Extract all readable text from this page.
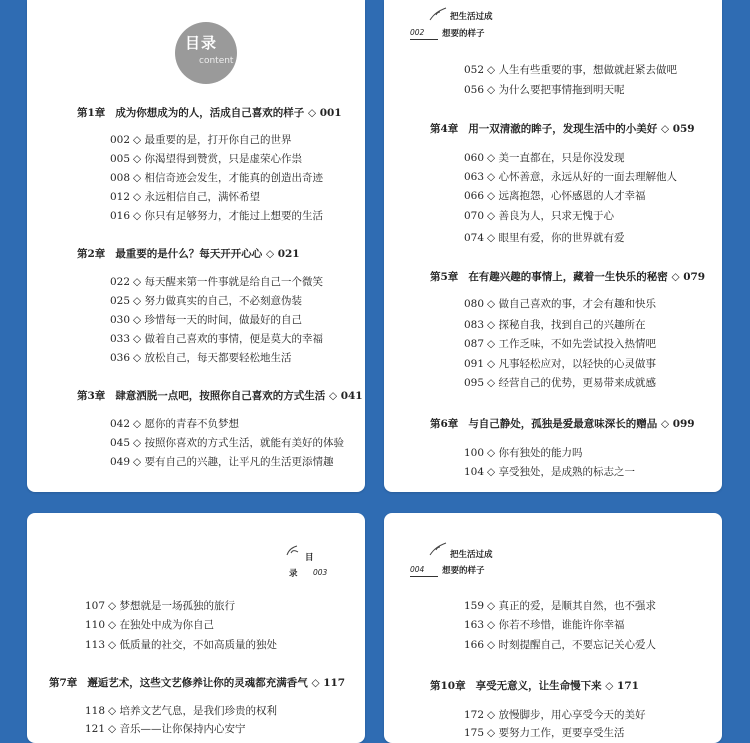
目录
content
第1章 成为你想成为的人，活成自己喜欢的样子 ◇ 001
002 ◇ 最重要的是，打开你自己的世界
005 ◇ 你渴望得到赞赏，只是虚荣心作祟
008 ◇ 相信奇迹会发生，才能真的创造出奇迹
012 ◇ 永远相信自己，满怀希望
016 ◇ 你只有足够努力，才能过上想要的生活
第2章 最重要的是什么？每天开开心心 ◇ 021
022 ◇ 每天醒来第一件事就是给自己一个微笑
025 ◇ 努力做真实的自己，不必刻意伪装
030 ◇ 珍惜每一天的时间，做最好的自己
033 ◇ 做着自己喜欢的事情，便是莫大的幸福
036 ◇ 放松自己，每天都要轻松地生活
第3章 肆意洒脱一点吧，按照你自己喜欢的方式生活 ◇ 041
042 ◇ 愿你的青春不负梦想
045 ◇ 按照你喜欢的方式生活，就能有美好的体验
049 ◇ 要有自己的兴趣，让平凡的生活更添情趣
把生活过成
002 想要的样子
052 ◇ 人生有些重要的事，想做就赶紧去做吧
056 ◇ 为什么要把事情拖到明天呢
第4章 用一双清澈的眸子，发现生活中的小美好 ◇ 059
060 ◇ 美一直都在，只是你没发现
063 ◇ 心怀善意，永远从好的一面去理解他人
066 ◇ 远离抱怨，心怀感恩的人才幸福
070 ◇ 善良为人，只求无愧于心
074 ◇ 眼里有爱，你的世界就有爱
第5章 在有趣兴趣的事情上，藏着一生快乐的秘密 ◇ 079
080 ◇ 做自己喜欢的事，才会有趣和快乐
083 ◇ 探秘自我，找到自己的兴趣所在
087 ◇ 工作乏味，不如先尝试投入热情吧
091 ◇ 凡事轻松应对，以轻快的心灵做事
095 ◇ 经营自己的优势，更易带来成就感
第6章 与自己静处，孤独是爱最意味深长的赠品 ◇ 099
100 ◇ 你有独处的能力吗
104 ◇ 享受独处，是成熟的标志之一
目
录 003
107 ◇ 梦想就是一场孤独的旅行
110 ◇ 在独处中成为你自己
113 ◇ 低质量的社交，不如高质量的独处
第7章 邂逅艺术，这些文艺修养让你的灵魂都充满香气 ◇ 117
118 ◇ 培养文艺气息，是我们珍贵的权利
121 ◇ 音乐——让你保持内心安宁
把生活过成
004 想要的样子
159 ◇ 真正的爱，是顺其自然，也不强求
163 ◇ 你若不珍惜，谁能许你幸福
166 ◇ 时刻提醒自己，不要忘记关心爱人
第10章 享受无意义，让生命慢下来 ◇ 171
172 ◇ 放慢脚步，用心享受今天的美好
175 ◇ 要努力工作，更要享受生活
